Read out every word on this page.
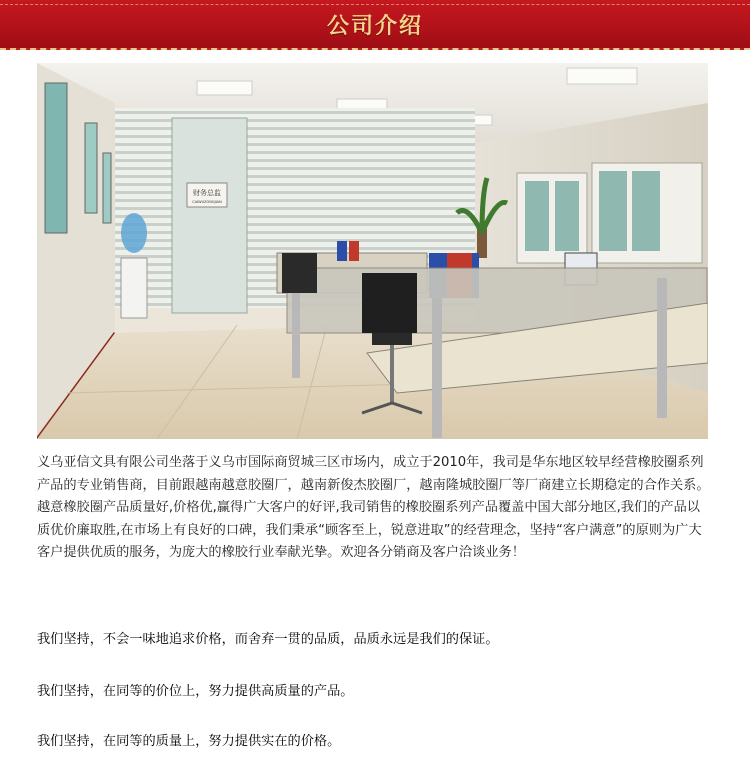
公司介绍
财务总监
CAIWUZONGJIAN

义乌亚信文具有限公司坐落于义乌市国际商贸城三区市场内，成立于2010年，我司是华东地区较早经营橡胶圈系列产品的专业销售商，目前跟越南越意胶圈厂，越南新俊杰胶圈厂，越南隆城胶圈厂等厂商建立长期稳定的合作关系。越意橡胶圈产品质量好,价格优,赢得广大客户的好评,我司销售的橡胶圈系列产品覆盖中国大部分地区,我们的产品以质优价廉取胜,在市场上有良好的口碑，我们秉承“顾客至上，锐意进取”的经营理念，坚持“客户满意”的原则为广大客户提供优质的服务，为庞大的橡胶行业奉献光挚。欢迎各分销商及客户洽谈业务！

我们坚持，不会一味地追求价格，而舍弃一贯的品质，品质永远是我们的保证。

我们坚持，在同等的价位上，努力提供高质量的产品。

我们坚持，在同等的质量上，努力提供实在的价格。
